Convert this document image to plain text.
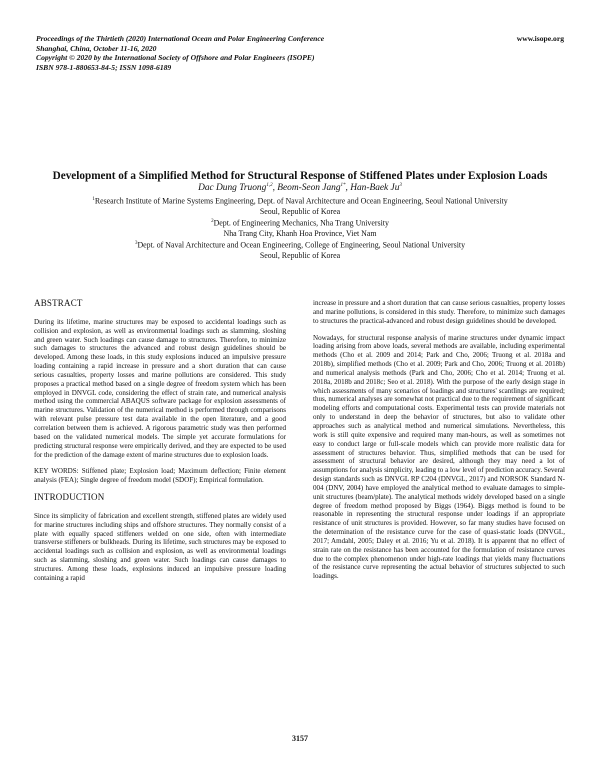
Proceedings of the Thirtieth (2020) International Ocean and Polar Engineering Conference
Shanghai, China, October 11-16, 2020
Copyright © 2020 by the International Society of Offshore and Polar Engineers (ISOPE)
ISBN 978-1-880653-84-5; ISSN 1098-6189
www.isope.org
Development of a Simplified Method for Structural Response of Stiffened Plates under Explosion Loads
Dac Dung Truong$^{1,2}$, Beom-Seon Jang$^{1*}$, Han-Baek Ju$^3$
$^1$Research Institute of Marine Systems Engineering, Dept. of Naval Architecture and Ocean Engineering, Seoul National University
Seoul, Republic of Korea
$^2$Dept. of Engineering Mechanics, Nha Trang University
Nha Trang City, Khanh Hoa Province, Viet Nam
$^3$Dept. of Naval Architecture and Ocean Engineering, College of Engineering, Seoul National University
Seoul, Republic of Korea
ABSTRACT

During its lifetime, marine structures may be exposed to accidental loadings such as collision and explosion, as well as environmental loadings such as slamming, sloshing and green water. Such loadings can cause damage to structures. Therefore, to minimize such damages to structures the advanced and robust design guidelines should be developed. Among these loads, in this study explosions induced an impulsive pressure loading containing a rapid increase in pressure and a short duration that can cause serious casualties, property losses and marine pollutions are considered. This study proposes a practical method based on a single degree of freedom system which has been employed in DNVGL code, considering the effect of strain rate, and numerical analysis method using the commercial ABAQUS software package for explosion assessments of marine structures. Validation of the numerical method is performed through comparisons with relevant pulse pressure test data available in the open literature, and a good correlation between them is achieved. A rigorous parametric study was then performed based on the validated numerical models. The simple yet accurate formulations for predicting structural response were empirically derived, and they are expected to be used for the prediction of the damage extent of marine structures due to explosion loads.

KEY WORDS: Stiffened plate; Explosion load; Maximum deflection; Finite element analysis (FEA); Single degree of freedom model (SDOF); Empirical formulation.

INTRODUCTION

Since its simplicity of fabrication and excellent strength, stiffened plates are widely used for marine structures including ships and offshore structures. They normally consist of a plate with equally spaced stiffeners welded on one side, often with intermediate transverse stiffeners or bulkheads. During its lifetime, such structures may be exposed to accidental loadings such as collision and explosion, as well as environmental loadings such as slamming, sloshing and green water. Such loadings can cause damages to structures. Among these loads, explosions induced an impulsive pressure loading containing a rapid

increase in pressure and a short duration that can cause serious casualties, property losses and marine pollutions, is considered in this study. Therefore, to minimize such damages to structures the practical-advanced and robust design guidelines should be developed.

Nowadays, for structural response analysis of marine structures under dynamic impact loading arising from above loads, several methods are available, including experimental methods (Cho et al. 2009 and 2014; Park and Cho, 2006; Truong et al. 2018a and 2018b), simplified methods (Cho et al. 2009; Park and Cho, 2006; Truong et al. 2018b) and numerical analysis methods (Park and Cho, 2006; Cho et al. 2014; Truong et al. 2018a, 2018b and 2018c; Seo et al. 2018). With the purpose of the early design stage in which assessments of many scenarios of loadings and structures' scantlings are required; thus, numerical analyses are somewhat not practical due to the requirement of significant modeling efforts and computational costs. Experimental tests can provide materials not only to understand in deep the behavior of structures, but also to validate other approaches such as analytical method and numerical simulations. Nevertheless, this work is still quite expensive and required many man-hours, as well as sometimes not easy to conduct large or full-scale models which can provide more realistic data for assessment of structures behavior. Thus, simplified methods that can be used for assessment of structural behavior are desired, although they may need a lot of assumptions for analysis simplicity, leading to a low level of prediction accuracy. Several design standards such as DNVGL RP C204 (DNVGL, 2017) and NORSOK Standard N-004 (DNV, 2004) have employed the analytical method to evaluate damages to simple-unit structures (beam/plate). The analytical methods widely developed based on a single degree of freedom method proposed by Biggs (1964). Biggs method is found to be reasonable in representing the structural response under loadings if an appropriate resistance of unit structures is provided. However, so far many studies have focused on the determination of the resistance curve for the case of quasi-static loads (DNVGL, 2017; Amdahl, 2005; Daley et al. 2016; Yu et al. 2018). It is apparent that no effect of strain rate on the resistance has been accounted for the formulation of resistance curves due to the complex phenomenon under high-rate loadings that yields many fluctuations of the resistance curve representing the actual behavior of structures subjected to such loadings.

3157
